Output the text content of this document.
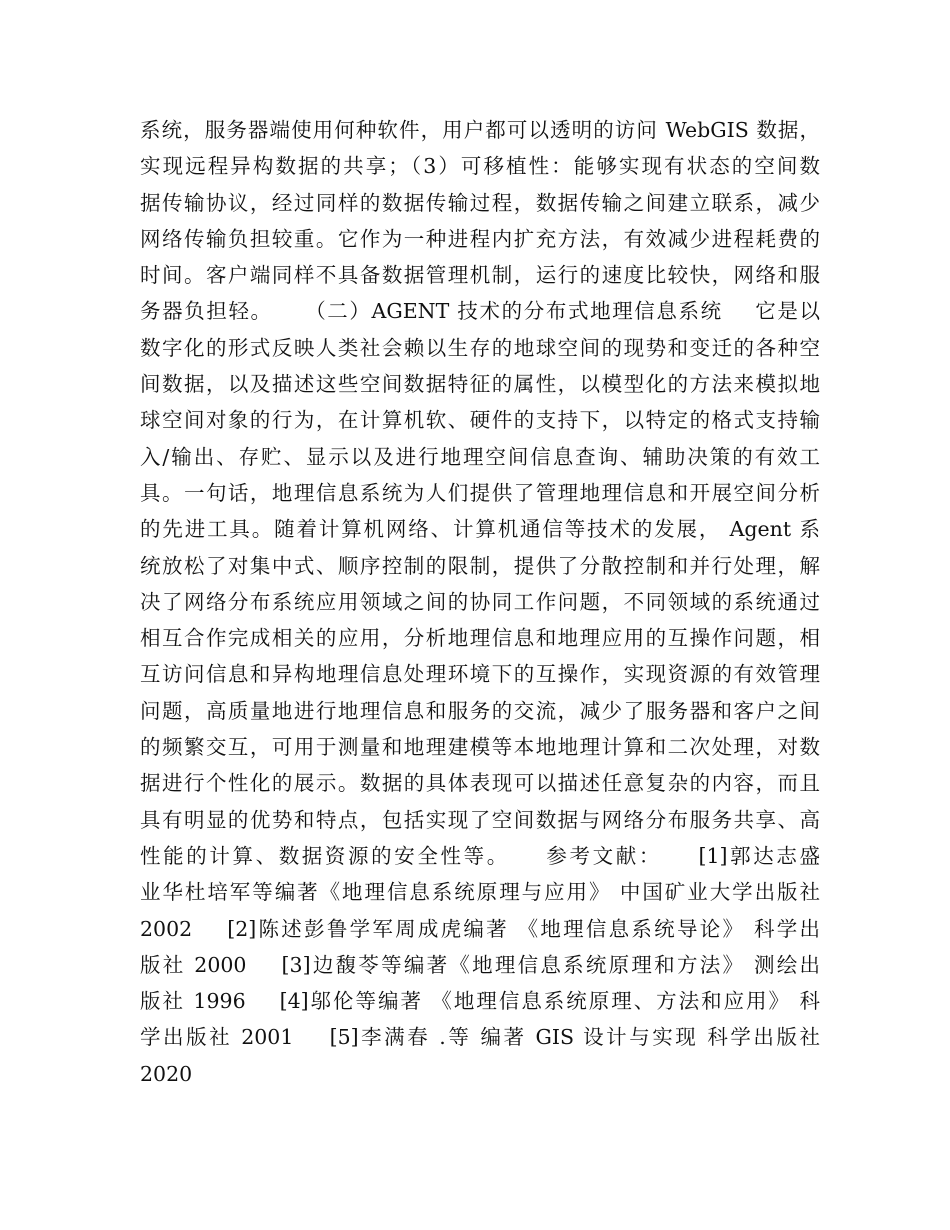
系统，服务器端使用何种软件，用户都可以透明的访问 WebGIS 数据，
实现远程异构数据的共享；（3）可移植性：能够实现有状态的空间数
据传输协议，经过同样的数据传输过程，数据传输之间建立联系，减少
网络传输负担较重。它作为一种进程内扩充方法，有效减少进程耗费的
时间。客户端同样不具备数据管理机制，运行的速度比较快，网络和服
务器负担轻。    （二）AGENT 技术的分布式地理信息系统    它是以
数字化的形式反映人类社会赖以生存的地球空间的现势和变迁的各种空
间数据，以及描述这些空间数据特征的属性，以模型化的方法来模拟地
球空间对象的行为，在计算机软、硬件的支持下，以特定的格式支持输
入/输出、存贮、显示以及进行地理空间信息查询、辅助决策的有效工
具。一句话，地理信息系统为人们提供了管理地理信息和开展空间分析
的先进工具。随着计算机网络、计算机通信等技术的发展， Agent 系
统放松了对集中式、顺序控制的限制，提供了分散控制和并行处理，解
决了网络分布系统应用领域之间的协同工作问题，不同领域的系统通过
相互合作完成相关的应用，分析地理信息和地理应用的互操作问题，相
互访问信息和异构地理信息处理环境下的互操作，实现资源的有效管理
问题，高质量地进行地理信息和服务的交流，减少了服务器和客户之间
的频繁交互，可用于测量和地理建模等本地地理计算和二次处理，对数
据进行个性化的展示。数据的具体表现可以描述任意复杂的内容，而且
具有明显的优势和特点，包括实现了空间数据与网络分布服务共享、高
性能的计算、数据资源的安全性等。    参考文献：    [1]郭达志盛
业华杜培军等编著《地理信息系统原理与应用》 中国矿业大学出版社
2002    [2]陈述彭鲁学军周成虎编著 《地理信息系统导论》 科学出
版社 2000    [3]边馥苓等编著《地理信息系统原理和方法》 测绘出
版社 1996    [4]邬伦等编著 《地理信息系统原理、方法和应用》 科
学出版社 2001    [5]李满春 .等 编著 GIS 设计与实现 科学出版社
2020
